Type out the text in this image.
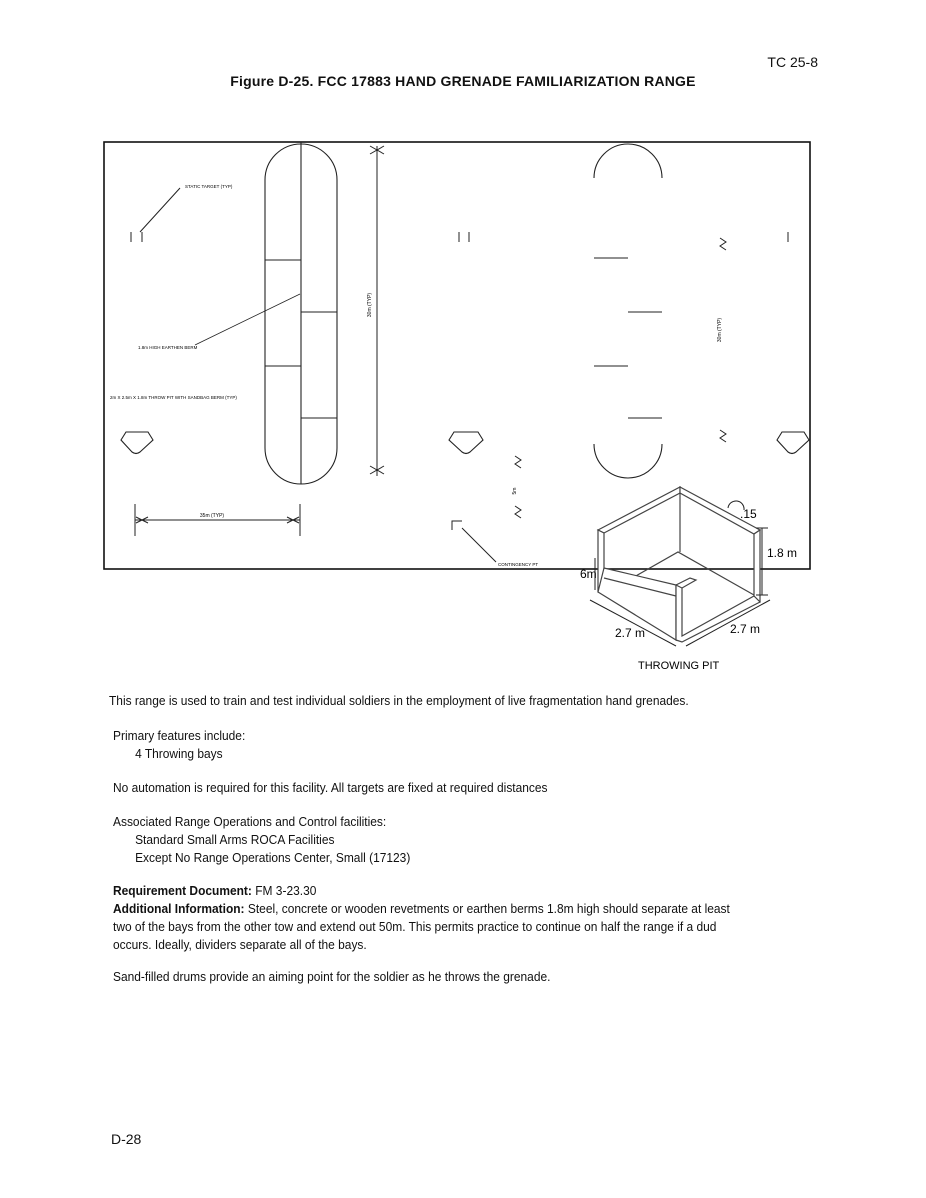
TC 25-8
Figure D-25. FCC 17883 HAND GRENADE FAMILIARIZATION RANGE
30m (TYP)
30m (TYP)
5m
35m (TYP)
STATIC TARGET (TYP)
1.8m HIGH EARTHEN BERM
2m X 2.5m X 1.8m THROW PIT WITH SANDBAG BERM (TYP)
CONTINGENCY PT
.15
1.8 m
6m
2.7 m	2.7 m
THROWING PIT
This range is used to train and test individual soldiers in the employment of live fragmentation hand grenades.
Primary features include:
4 Throwing bays
No automation is required for this facility. All targets are fixed at required distances
Associated Range Operations and Control facilities:
Standard Small Arms ROCA Facilities
Except No Range Operations Center, Small (17123)
Requirement Document: FM 3-23.30
Additional Information: Steel, concrete or wooden revetments or earthen berms 1.8m high should separate at least
two of the bays from the other tow and extend out 50m. This permits practice to continue on half the range if a dud
occurs. Ideally, dividers separate all of the bays.
Sand-filled drums provide an aiming point for the soldier as he throws the grenade.
D-28
